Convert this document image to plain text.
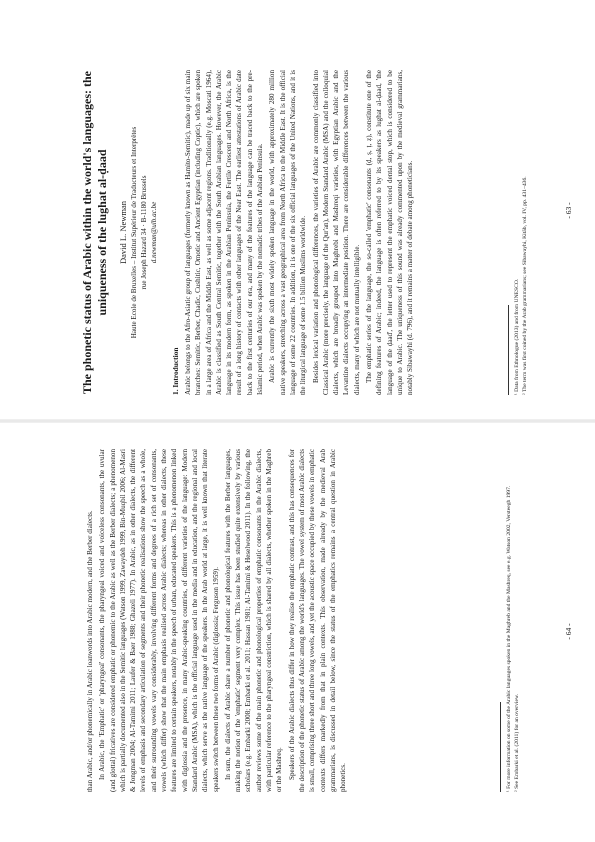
than Arabic, and/or phonemically in Arabic loanwords into Arabic modern, and the Berber dialects. In Arabic, the 'Emphatic' or 'pharyngeal' consonants, the pharyngeal voiced and voiceless consonants, the uvular (and glottal) fricatives are considered emphatic or phonemic to the Arabic as well as the Berber dialects; a phenomenon which is partially documented also in the Semitic languages (Watson 1999, Zawaydeh 1999, Bin-Muqbil 2006; Al-Masri & Jongman 2004; Al-Tamimi 2011; Laufer & Baer 1988; Ghazeli 1977). In Arabic, as in other dialects, the different levels of emphasis and secondary articulation of segments and their phonetic realisations show the speech as a whole, and their surrounding vowels vary considerably, involving different forms and degrees of a rich set of consonants, vowels (which differ) show that the main emphasis realised across Arabic dialects; whereas in other dialects, these features are limited to certain speakers, notably in the speech of urban, educated speakers. This is a phenomenon linked with diglossia and the presence, in many Arabic-speaking countries, of different varieties of the language: Modern Standard Arabic (MSA), which is the official language used in the media and in education, and the regional and local dialects, which serve as the native language of the speakers. In the Arab world at large, it is well known that literate speakers switch between these two forms of Arabic (diglossia; Ferguson 1959). In sum, the dialects of Arabic share a number of phonetic and phonological features with the Berber languages, making the notion of the 'emphatic' segment very complex. This issue has been studied quite extensively by various scholars (e.g. Embarki 2008; Embarki et al. 2011; Hassan 1981; Al-Tamimi & Heselwood 2011). In the following, the author reviews some of the main phonetic and phonological properties of emphatic consonants in the Arabic dialects, with particular reference to the pharyngeal constriction, which is shared by all dialects, whether spoken in the Maghreb or the Mashreq. Speakers of the Arabic dialects thus differ in how they realise the emphatic contrast, and this has consequences for the description of the phonetic status of Arabic among the world's languages. The vowel system of most Arabic dialects is small, comprising three short and three long vowels, and yet the acoustic space occupied by these vowels in emphatic contexts differs markedly from that in plain contexts. This observation, made already by the medieval Arab grammarians, is discussed in detail below, since the status of the emphatics remains a central question in Arabic phonetics.	¹ For more information on some of the Arabic languages spoken in the Maghreb and the Mashreq, see e.g. Watson 2002, Versteegh 1997. ² See Embarki et al. (2011) for an overview.

- 64 -
The phonetic status of Arabic within the world's languages: the uniqueness of the lughat al-ḍaad David L. Newman Haute Ecole de Bruxelles – Institut Supérieur de Traducteurs et Interprètes rue Joseph Hazard 34 · B-1180 Brussels d.newman@ulb.ac.be
1. Introduction Arabic belongs to the Afro-Asiatic group of languages (formerly known as Hamito-Semitic), made up of six main branches: Semitic, Berber, Chadic, Cushitic, Omotic and Ancient Egyptian (including Coptic), which are spoken in a large area of Africa and the Middle East, as well as some adjacent regions. Traditionally (e.g. Moscati 1964), Arabic is classified as South Central Semitic, together with the South Arabian languages. However, the Arabic language in its modern form, as spoken in the Arabian Peninsula, the Fertile Crescent and North Africa, is the result of a long history of contacts with other languages of the Near East. The earliest attestations of Arabic date back to the first centuries of our era, and many of the features of the language can be traced back to the pre-Islamic period, when Arabic was spoken by the nomadic tribes of the Arabian Peninsula. Arabic is currently the sixth most widely spoken language in the world, with approximately 280 million native speakers, stretching across a vast geographical area from North Africa to the Middle East. It is the official language of some 22 countries. In addition, it is one of the six official languages of the United Nations, and it is the liturgical language of some 1.5 billion Muslims worldwide. Besides lexical variation and phonological differences, the varieties of Arabic are commonly classified into Classical Arabic (more precisely, the language of the Qur'an), Modern Standard Arabic (MSA) and the colloquial dialects, which are broadly grouped into Maghrebi and Mashreqi varieties, with Egyptian Arabic and the Levantine dialects occupying an intermediate position. There are considerable differences between the various dialects, many of which are not mutually intelligible. The emphatic series of the language, the so-called 'emphatic' consonants (ḍ, ṣ, ṭ, ẓ), constitute one of the defining features of Arabic; indeed, the language is often referred to by its speakers as lughat al-ḍaad, 'the language of the ḍaad', the letter used to represent the emphatic voiced dental stop, which is considered to be unique to Arabic. The uniqueness of this sound was already commented upon by the medieval grammarians, notably Sibawayhi (d. 796), and it remains a matter of debate among phoneticians.	¹ Data from Ethnologue (2013) and from UNESCO. ² The term was first coined by the Arab grammarians; see Sibawayhi, Kitāb, vol. IV, pp. 431–436.	- 63 -
